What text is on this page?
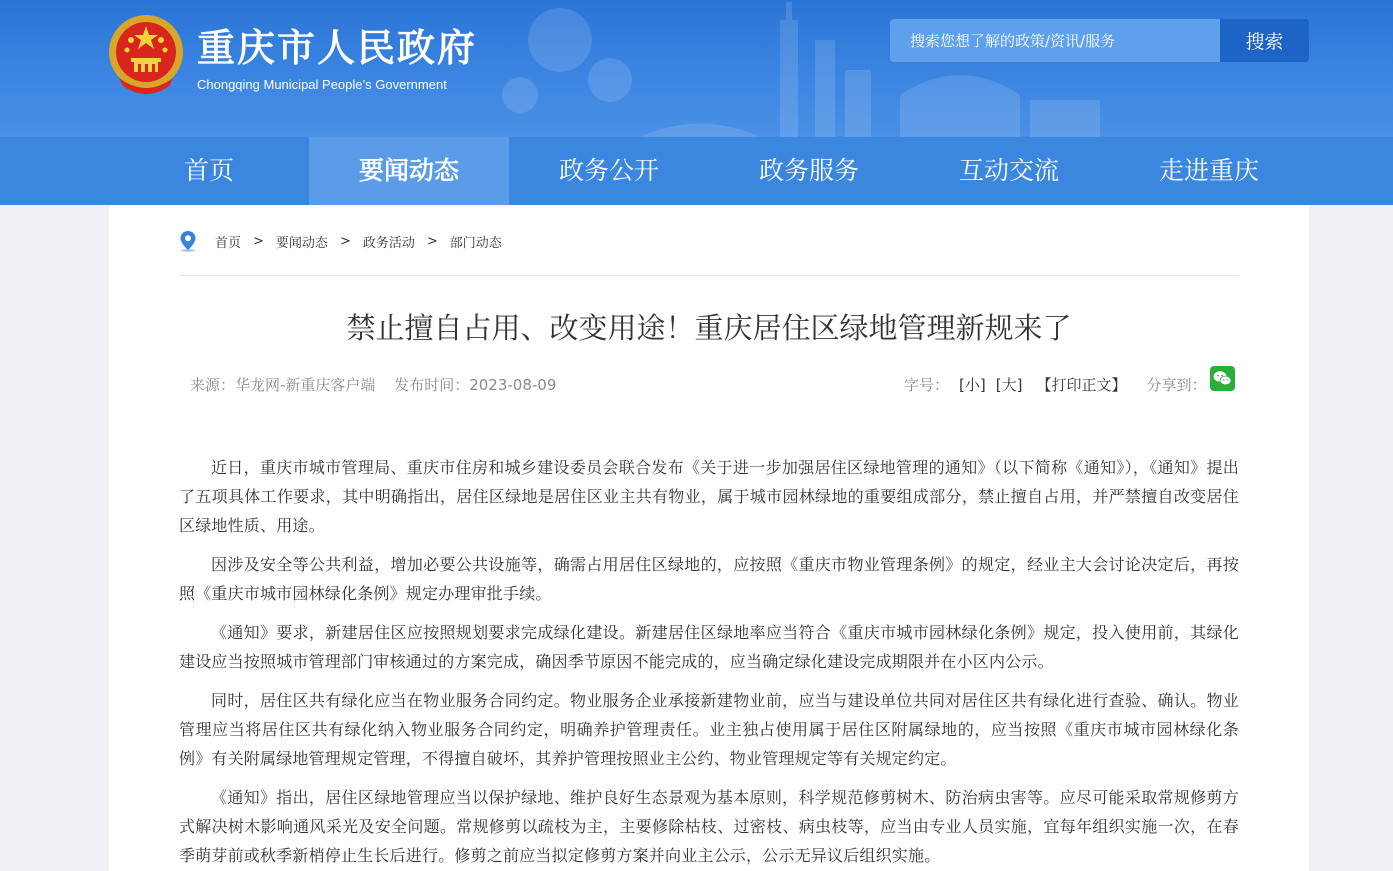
重庆市人民政府
Chongqing Municipal People’s Government
搜索您想了解的政策/资讯/服务
搜索
首页	要闻动态	政务公开	政务服务	互动交流	走进重庆
首页 > 要闻动态 > 政务活动 > 部门动态
禁止擅自占用、改变用途！重庆居住区绿地管理新规来了
来源：华龙网-新重庆客户端 发布时间：2023-08-09	字号： [小] [大] 【打印正文】 分享到：

近日，重庆市城市管理局、重庆市住房和城乡建设委员会联合发布《关于进一步加强居住区绿地管理的通知》（以下简称《通知》），《通知》提出了五项具体工作要求，其中明确指出，居住区绿地是居住区业主共有物业，属于城市园林绿地的重要组成部分，禁止擅自占用，并严禁擅自改变居住区绿地性质、用途。

因涉及安全等公共利益，增加必要公共设施等，确需占用居住区绿地的，应按照《重庆市物业管理条例》的规定，经业主大会讨论决定后，再按照《重庆市城市园林绿化条例》规定办理审批手续。

《通知》要求，新建居住区应按照规划要求完成绿化建设。新建居住区绿地率应当符合《重庆市城市园林绿化条例》规定，投入使用前，其绿化建设应当按照城市管理部门审核通过的方案完成，确因季节原因不能完成的，应当确定绿化建设完成期限并在小区内公示。

同时，居住区共有绿化应当在物业服务合同约定。物业服务企业承接新建物业前，应当与建设单位共同对居住区共有绿化进行查验、确认。物业管理应当将居住区共有绿化纳入物业服务合同约定，明确养护管理责任。业主独占使用属于居住区附属绿地的，应当按照《重庆市城市园林绿化条例》有关附属绿地管理规定管理，不得擅自破坏，其养护管理按照业主公约、物业管理规定等有关规定约定。

《通知》指出，居住区绿地管理应当以保护绿地、维护良好生态景观为基本原则，科学规范修剪树木、防治病虫害等。应尽可能采取常规修剪方式解决树木影响通风采光及安全问题。常规修剪以疏枝为主，主要修除枯枝、过密枝、病虫枝等，应当由专业人员实施，宜每年组织实施一次，在春季萌芽前或秋季新梢停止生长后进行。修剪之前应当拟定修剪方案并向业主公示，公示无异议后组织实施。
